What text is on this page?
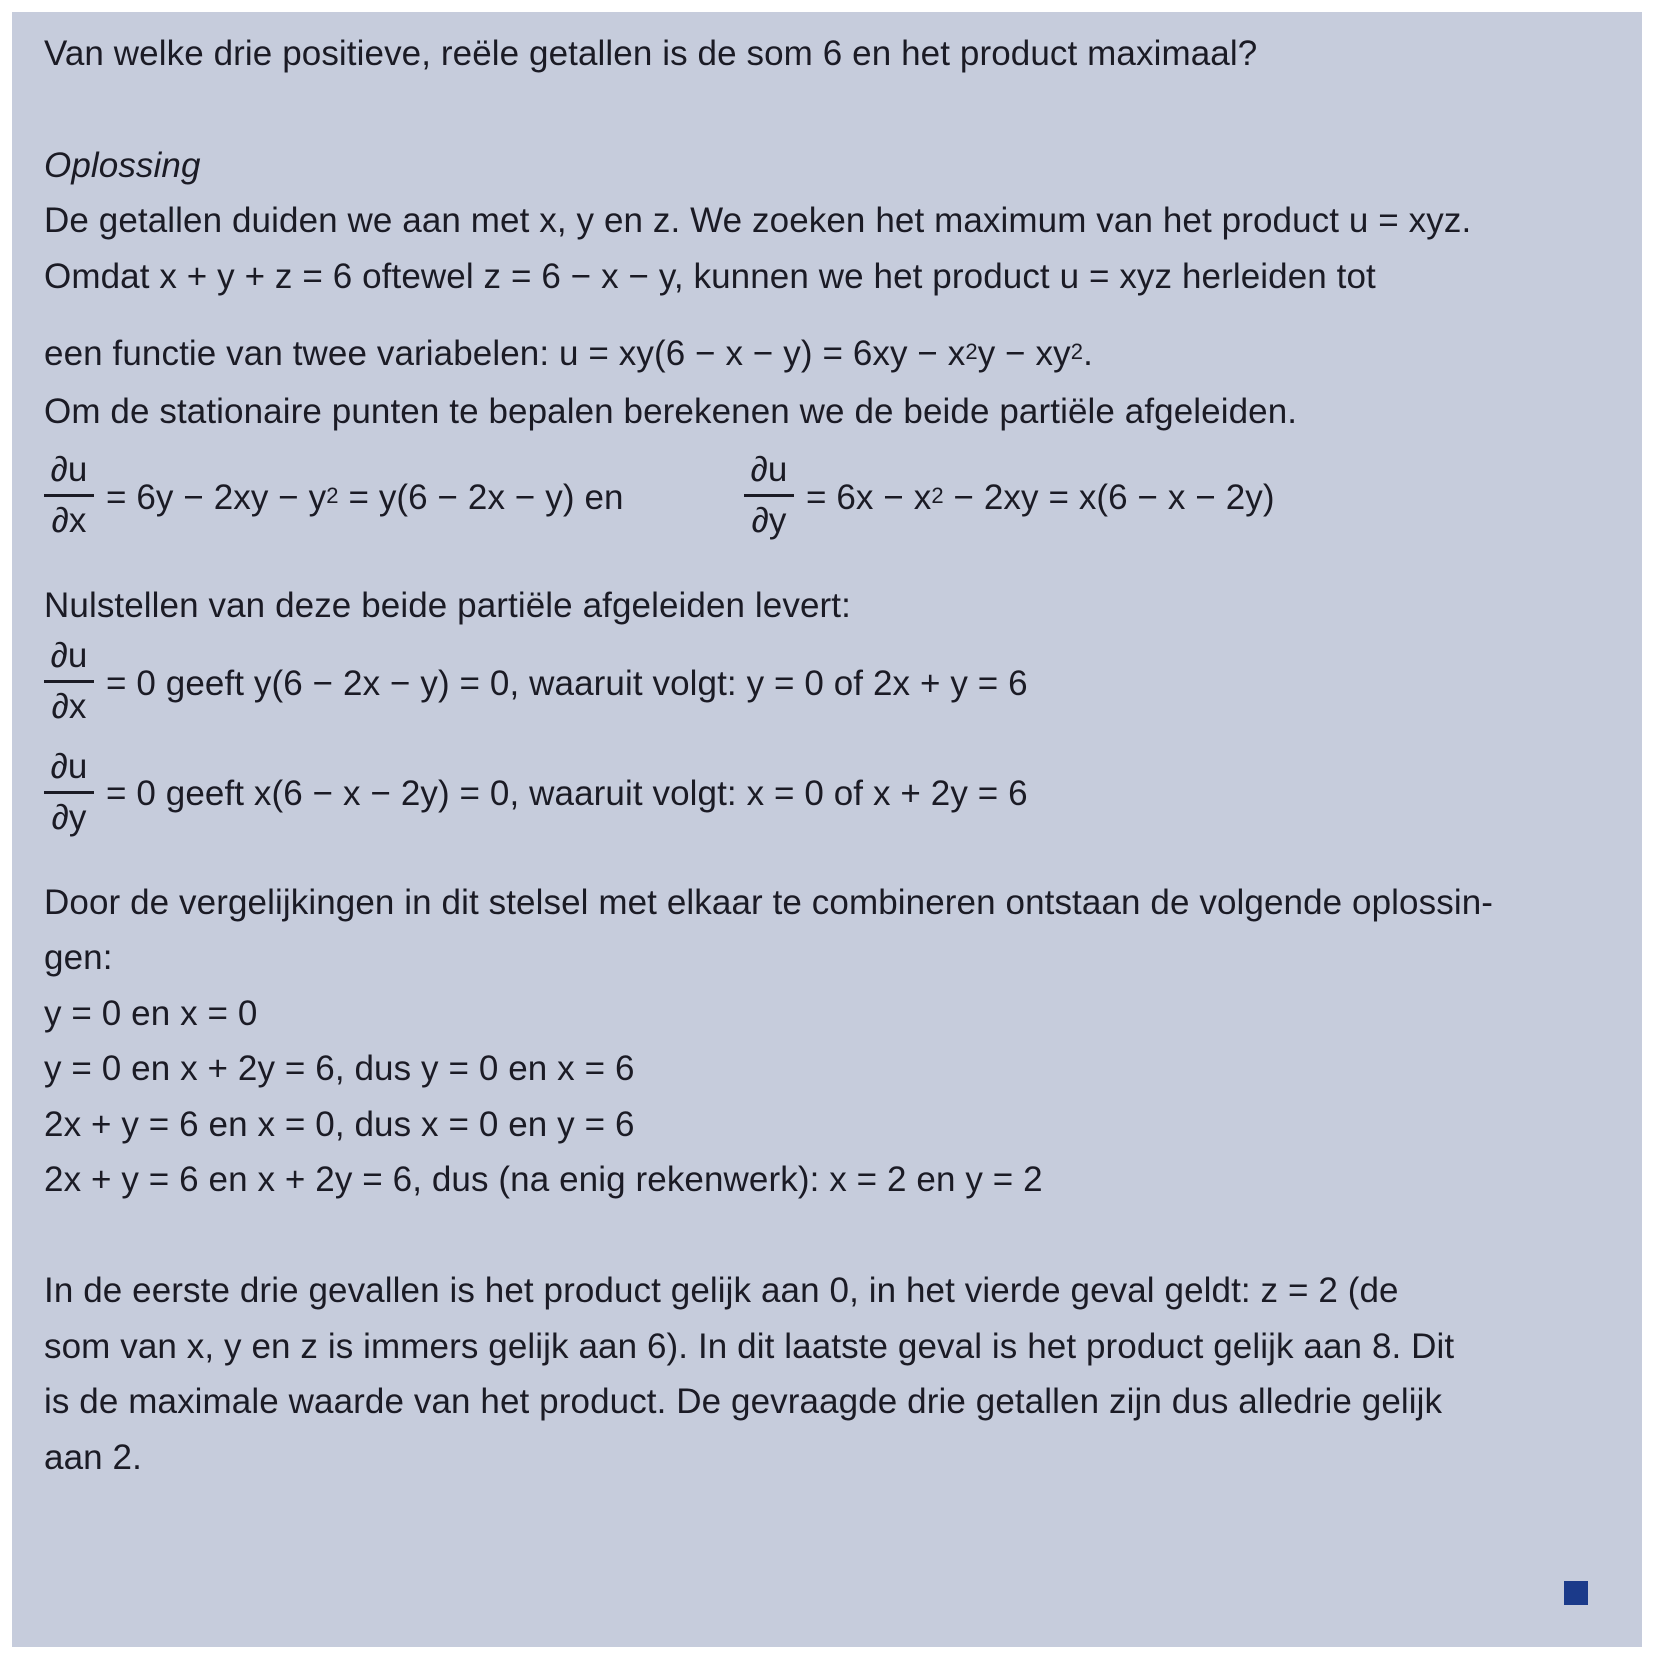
Van welke drie positieve, reële getallen is de som 6 en het product maximaal?
Oplossing
De getallen duiden we aan met x, y en z. We zoeken het maximum van het product u = xyz.
Omdat x + y + z = 6 oftewel z = 6 − x − y, kunnen we het product u = xyz herleiden tot
een functie van twee variabelen: $u = xy(6 - x - y) = 6xy - x^2y - xy^2$.
Om de stationaire punten te bepalen berekenen we de beide partiële afgeleiden.
∂u
∂x
= $6y - 2xy - y^2 = y(6 - 2x - y)$ en
∂u
∂y
= $6x - x^2 - 2xy = x(6 - x - 2y)$
Nulstellen van deze beide partiële afgeleiden levert:
∂u
∂x
= 0 geeft y(6 − 2x − y) = 0, waaruit volgt: y = 0 of 2x + y = 6
∂u
∂y
= 0 geeft x(6 − x − 2y) = 0, waaruit volgt: x = 0 of x + 2y = 6
Door de vergelijkingen in dit stelsel met elkaar te combineren ontstaan de volgende oplossin-
gen:
y = 0 en x = 0
y = 0 en x + 2y = 6, dus y = 0 en x = 6
2x + y = 6 en x = 0, dus x = 0 en y = 6
2x + y = 6 en x + 2y = 6, dus (na enig rekenwerk): x = 2 en y = 2
In de eerste drie gevallen is het product gelijk aan 0, in het vierde geval geldt: z = 2 (de
som van x, y en z is immers gelijk aan 6). In dit laatste geval is het product gelijk aan 8. Dit
is de maximale waarde van het product. De gevraagde drie getallen zijn dus alledrie gelijk
aan 2.
